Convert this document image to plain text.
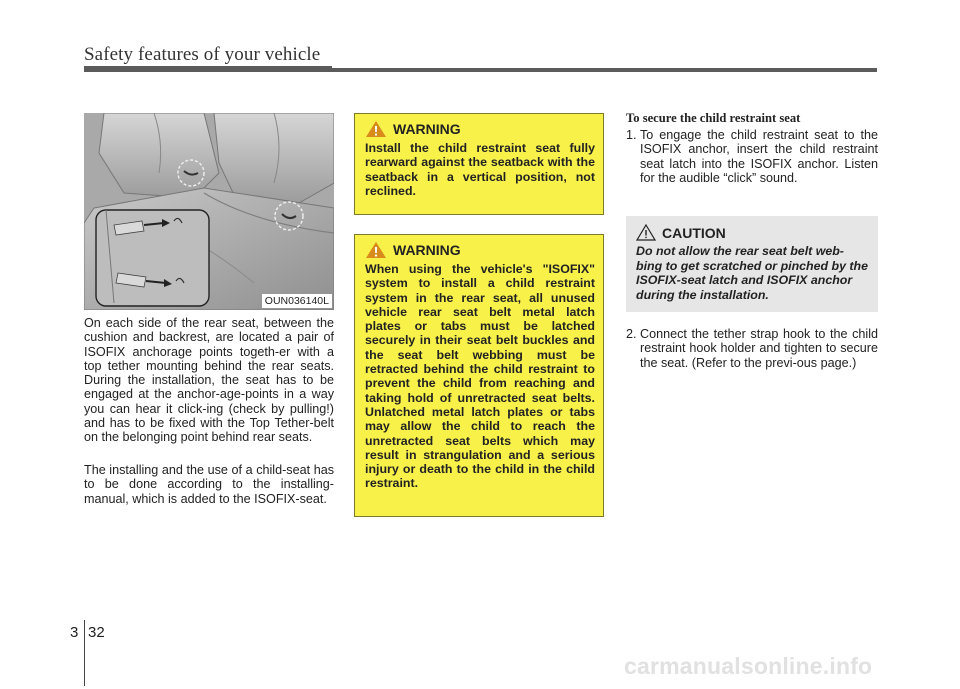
Safety features of your vehicle
OUN036140L

On each side of the rear seat, between the cushion and backrest, are located a pair of ISOFIX anchorage points togeth-er with a top tether mounting behind the rear seats. During the installation, the seat has to be engaged at the anchor-age-points in a way you can hear it click-ing (check by pulling!) and has to be fixed with the Top Tether-belt on the belonging point behind rear seats.

The installing and the use of a child-seat has to be done according to the installing-manual, which is added to the ISOFIX-seat.

WARNING

Install the child restraint seat fully rearward against the seatback with the seatback in a vertical position, not reclined.

WARNING

When using the vehicle's "ISOFIX" system to install a child restraint system in the rear seat, all unused vehicle rear seat belt metal latch plates or tabs must be latched securely in their seat belt buckles and the seat belt webbing must be retracted behind the child restraint to prevent the child from reaching and taking hold of unretracted seat belts. Unlatched metal latch plates or tabs may allow the child to reach the unretracted seat belts which may result in strangulation and a serious injury or death to the child in the child restraint.

To secure the child restraint seat
1. To engage the child restraint seat to the ISOFIX anchor, insert the child restraint seat latch into the ISOFIX anchor. Listen for the audible “click” sound.
CAUTION

Do not allow the rear seat belt web-bing to get scratched or pinched by the ISOFIX-seat latch and ISOFIX anchor during the installation.

2. Connect the tether strap hook to the child restraint hook holder and tighten to secure the seat. (Refer to the previ-ous page.)
3 32
carmanualsonline.info
